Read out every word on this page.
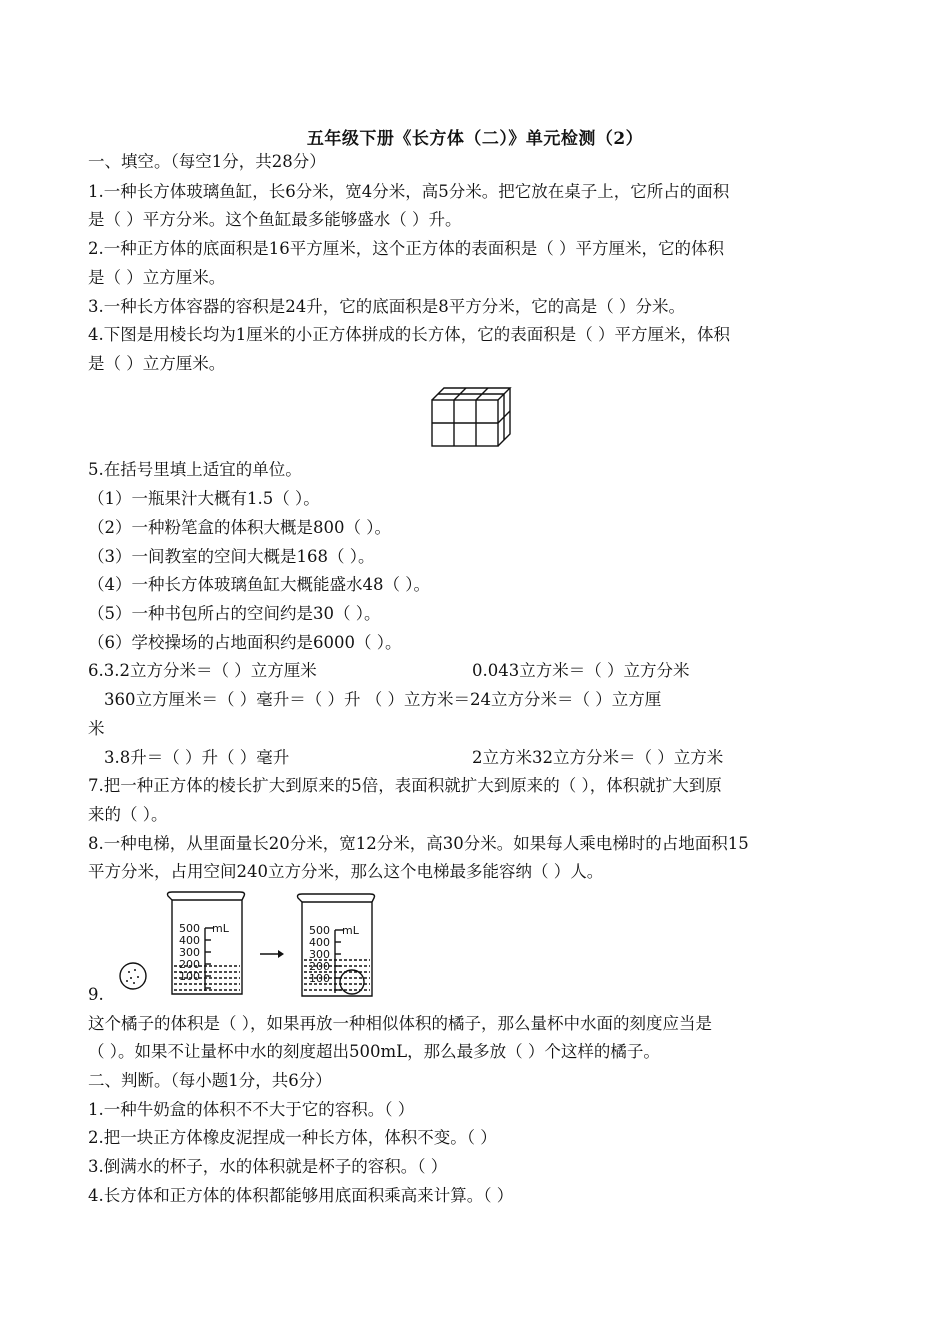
五年级下册《长方体（二）》单元检测（2）
一、填空。（每空1分，共28分）
1.一种长方体玻璃鱼缸，长6分米，宽4分米，高5分米。把它放在桌子上，它所占的面积
是（ ）平方分米。这个鱼缸最多能够盛水（ ）升。
2.一种正方体的底面积是16平方厘米，这个正方体的表面积是（ ）平方厘米，它的体积
是（ ）立方厘米。
3.一种长方体容器的容积是24升，它的底面积是8平方分米，它的高是（ ）分米。
4.下图是用棱长均为1厘米的小正方体拼成的长方体，它的表面积是（ ）平方厘米，体积
是（ ）立方厘米。
5.在括号里填上适宜的单位。
（1）一瓶果汁大概有1.5（ ）。
（2）一种粉笔盒的体积大概是800（ ）。
（3）一间教室的空间大概是168（ ）。
（4）一种长方体玻璃鱼缸大概能盛水48（ ）。
（5）一种书包所占的空间约是30（ ）。
（6）学校操场的占地面积约是6000（ ）。
6.3.2立方分米＝（ ）立方厘米	0.043立方米＝（ ）立方分米
360立方厘米＝（ ）毫升＝（ ）升 （ ）立方米＝24立方分米＝（ ）立方厘
米
3.8升＝（ ）升（ ）毫升	2立方米32立方分米＝（ ）立方米
7.把一种正方体的棱长扩大到原来的5倍，表面积就扩大到原来的（ ），体积就扩大到原
来的（ ）。
8.一种电梯，从里面量长20分米，宽12分米，高30分米。如果每人乘电梯时的占地面积15
平方分米，占用空间240立方分米，那么这个电梯最多能容纳（ ）人。
mL
500
400
300
200
100
mL
500
400
300
200
100
9.
这个橘子的体积是（ ），如果再放一种相似体积的橘子，那么量杯中水面的刻度应当是
（ ）。如果不让量杯中水的刻度超出500mL，那么最多放（ ）个这样的橘子。
二、判断。（每小题1分，共6分）
1.一种牛奶盒的体积不不大于它的容积。（ ）
2.把一块正方体橡皮泥捏成一种长方体，体积不变。（ ）
3.倒满水的杯子，水的体积就是杯子的容积。（ ）
4.长方体和正方体的体积都能够用底面积乘高来计算。（ ）
